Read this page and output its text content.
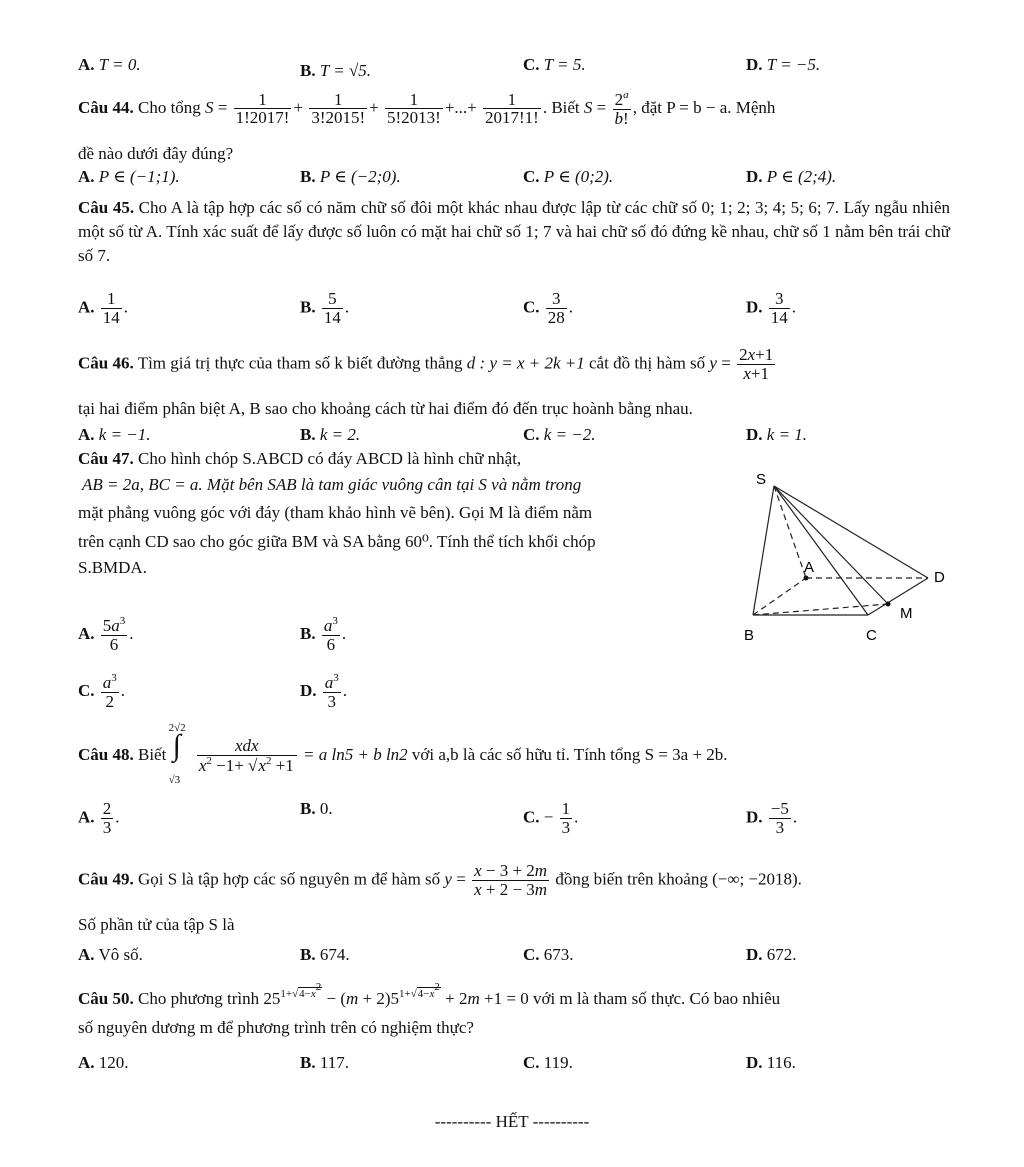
A. T = 0.	B. T = √5.	C. T = 5.	D. T = −5.
Câu 44. Cho tổng $S = \frac{1}{1!2017!} + \frac{1}{3!2015!} + \frac{1}{5!2013!}$ +...+ $\frac{1}{2017!1!}$ . Biết $S = \frac{2^a}{b!}$ , đặt P = b − a. Mệnh
đề nào dưới đây đúng?
A. P ∈ (−1;1).	B. P ∈ (−2;0).	C. P ∈ (0;2).	D. P ∈ (2;4).
Câu 45. Cho A là tập hợp các số có năm chữ số đôi một khác nhau được lập từ các chữ số 0; 1; 2; 3; 4; 5; 6; 7. Lấy ngẫu nhiên một số từ A. Tính xác suất để lấy được số luôn có mặt hai chữ số 1; 7 và hai chữ số đó đứng kề nhau, chữ số 1 nằm bên trái chữ số 7.
A. $\frac{1}{14}$ .	B. $\frac{5}{14}$ .	C. $\frac{3}{28}$ .	D. $\frac{3}{14}$ .
Câu 46. Tìm giá trị thực của tham số k biết đường thẳng d : y = x + 2k +1 cắt đồ thị hàm số $y = \frac{2x+1}{x+1}$
tại hai điểm phân biệt A, B sao cho khoảng cách từ hai điểm đó đến trục hoành bằng nhau.
A. k = −1.	B. k = 2.	C. k = −2.	D. k = 1.
Câu 47. Cho hình chóp S.ABCD có đáy ABCD là hình chữ nhật,
AB = 2a, BC = a. Mặt bên SAB là tam giác vuông cân tại S và nằm trong
mặt phẳng vuông góc với đáy (tham khảo hình vẽ bên). Gọi M là điểm nằm
trên cạnh CD sao cho góc giữa BM và SA bằng 60⁰. Tính thể tích khối chóp
S.BMDA.
S
A
D
M
B	C
A. $\frac{5a^3}{6}$ .	B. $\frac{a^3}{6}$ .
C. $\frac{a^3}{2}$ .	D. $\frac{a^3}{3}$ .
Câu 48. Biết
2√2
∫
√3

$\frac{\text{xdx}}{x^2 -1+ √x^2 +1} = a$ ln5 + b ln2 với a,b là các số hữu tỉ. Tính tổng S = 3a + 2b.
A. $\frac{2}{3}$ .	B. 0.	C. − $\frac{1}{3}$ .	D. $\frac{-5}{3}$ .
Câu 49. Gọi S là tập hợp các số nguyên m để hàm số $y = \frac{x - 3 + 2m}{x + 2 - 3m}$ đồng biến trên khoảng (−∞; −2018).
Số phần tử của tập S là
A. Vô số.	B. 674.	C. 673.	D. 672.
Câu 50. Cho phương trình $25^{1+√4-x^2} - (m + 2)5^{1+√4-x^2} + 2m +1 = 0$ với m là tham số thực. Có bao nhiêu
số nguyên dương m để phương trình trên có nghiệm thực?
A. 120.	B. 117.	C. 119.	D. 116.
---------- HẾT ----------
